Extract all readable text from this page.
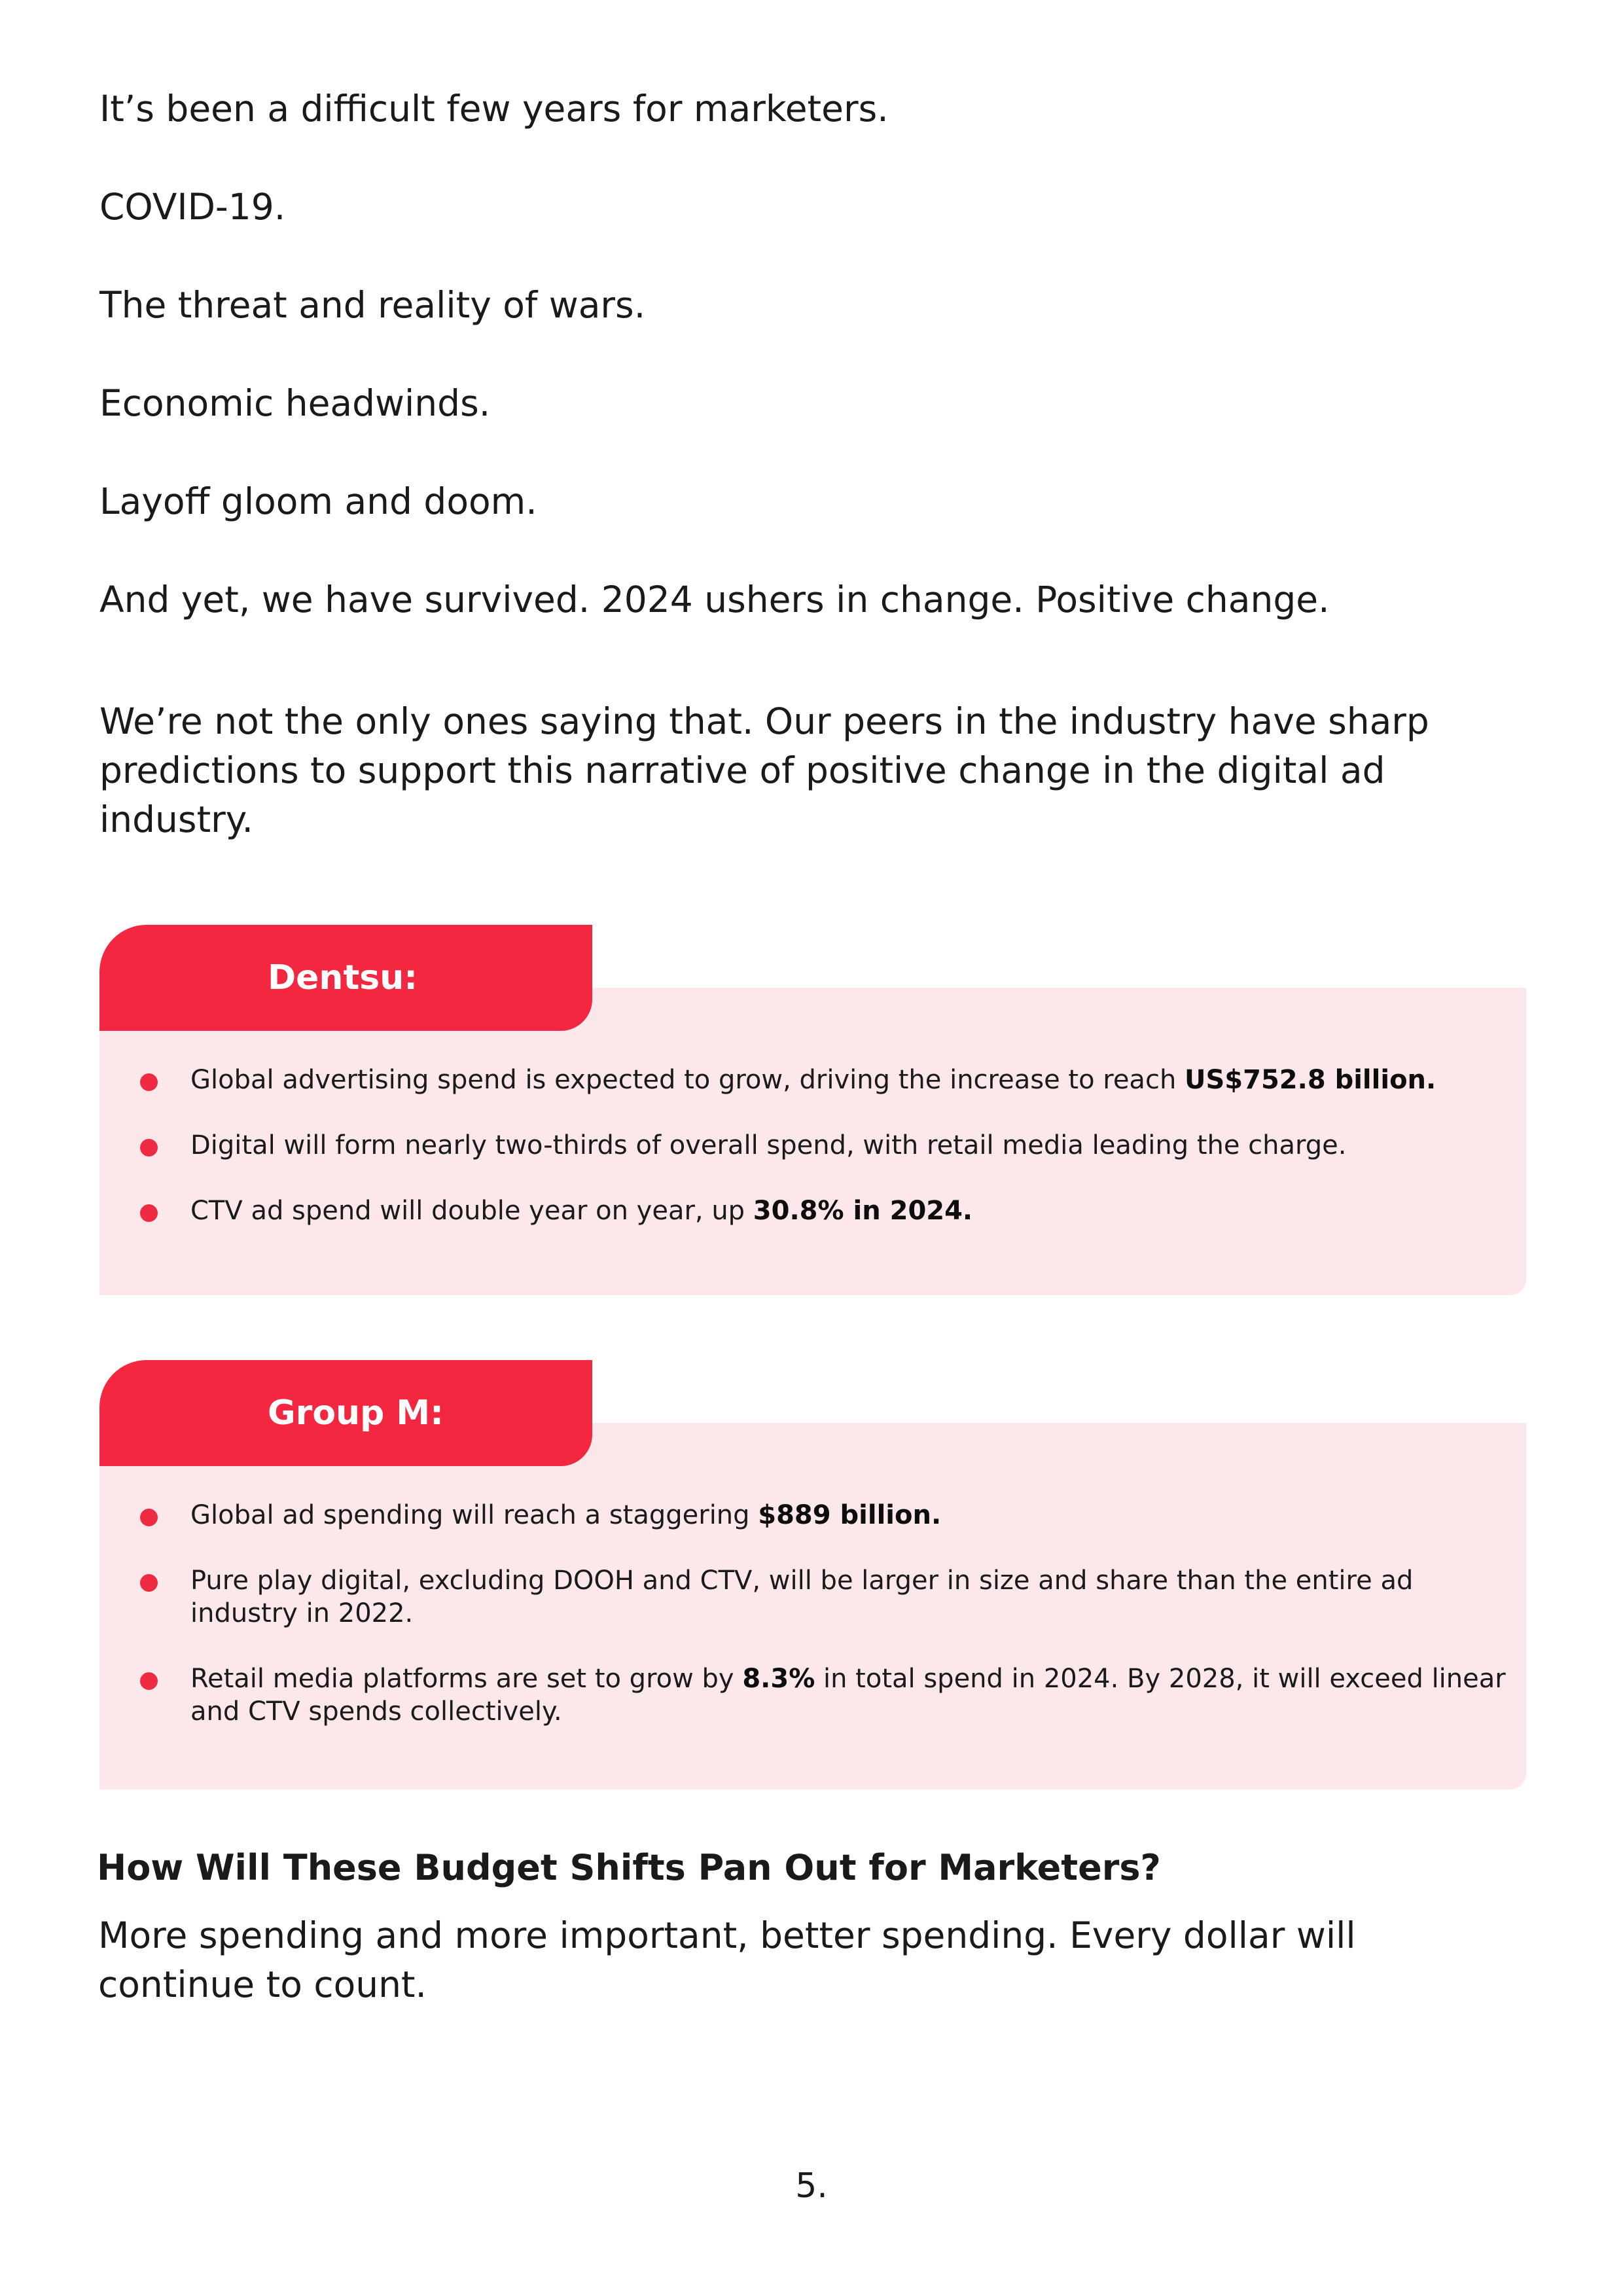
It’s been a difficult few years for marketers.

COVID-19.

The threat and reality of wars.

Economic headwinds.

Layoff gloom and doom.

And yet, we have survived. 2024 ushers in change. Positive change.

We’re not the only ones saying that. Our peers in the industry have sharp predictions to support this narrative of positive change in the digital ad industry.

Dentsu:
Global advertising spend is expected to grow, driving the increase to reach US$752.8 billion.
Digital will form nearly two-thirds of overall spend, with retail media leading the charge.
CTV ad spend will double year on year, up 30.8% in 2024.
Group M:
Global ad spending will reach a staggering $889 billion.
Pure play digital, excluding DOOH and CTV, will be larger in size and share than the entire ad industry in 2022.
Retail media platforms are set to grow by 8.3% in total spend in 2024. By 2028, it will exceed linear and CTV spends collectively.
How Will These Budget Shifts Pan Out for Marketers?

More spending and more important, better spending. Every dollar will continue to count.

5.
